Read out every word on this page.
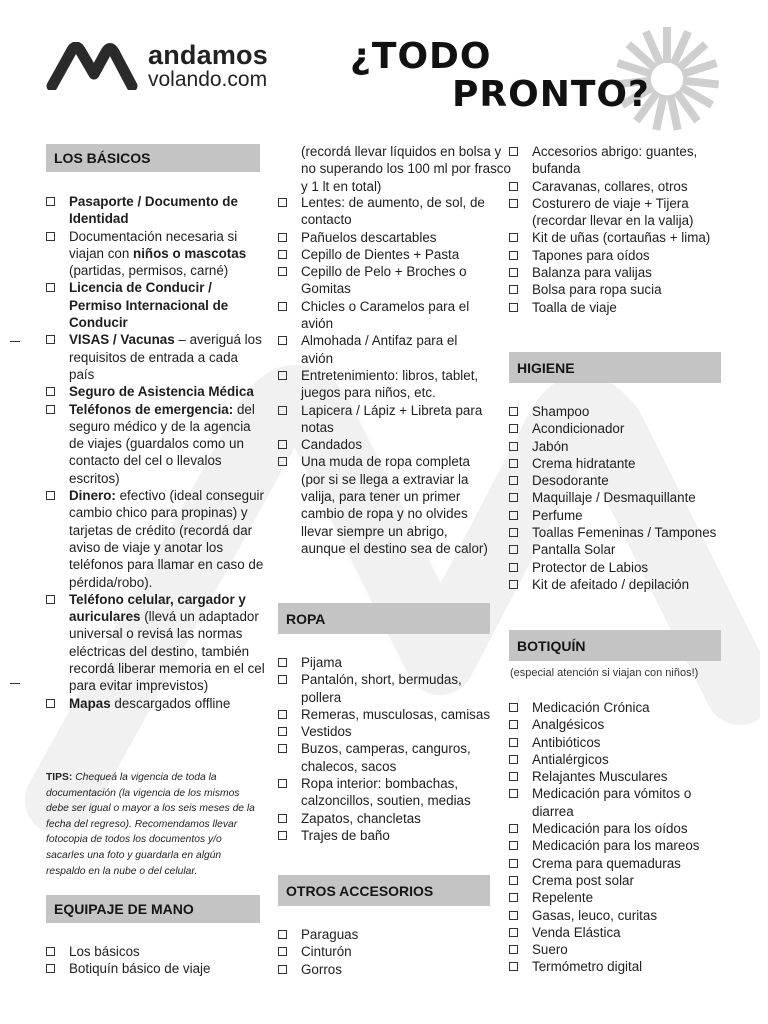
andamos
volando.com
¿TODO
PRONTO?
LOS BÁSICOS
Pasaporte / Documento de Identidad
Documentación necesaria si viajan con niños o mascotas (partidas, permisos, carné)
Licencia de Conducir / Permiso Internacional de Conducir
VISAS / Vacunas – averiguá los requisitos de entrada a cada país
Seguro de Asistencia Médica
Teléfonos de emergencia: del seguro médico y de la agencia de viajes (guardalos como un contacto del cel o llevalos escritos)
Dinero: efectivo (ideal conseguir cambio chico para propinas) y tarjetas de crédito (recordá dar aviso de viaje y anotar los teléfonos para llamar en caso de pérdida/robo).
Teléfono celular, cargador y auriculares (llevá un adaptador universal o revisá las normas eléctricas del destino, también recordá liberar memoria en el cel para evitar imprevistos)
Mapas descargados offline
TIPS: Chequeá la vigencia de toda la documentación (la vigencia de los mismos debe ser igual o mayor a los seis meses de la fecha del regreso). Recomendamos llevar fotocopia de todos los documentos y/o sacarles una foto y guardarla en algún respaldo en la nube o del celular.
EQUIPAJE DE MANO
Los básicos
Botiquín básico de viaje
(recordá llevar líquidos en bolsa y no superando los 100 ml por frasco y 1 lt en total)
Lentes: de aumento, de sol, de contacto
Pañuelos descartables
Cepillo de Dientes + Pasta
Cepillo de Pelo + Broches o Gomitas
Chicles o Caramelos para el avión
Almohada / Antifaz para el avión
Entretenimiento: libros, tablet, juegos para niños, etc.
Lapicera / Lápiz + Libreta para notas
Candados
Una muda de ropa completa (por si se llega a extraviar la valija, para tener un primer cambio de ropa y no olvides llevar siempre un abrigo, aunque el destino sea de calor)
ROPA
Pijama
Pantalón, short, bermudas, pollera
Remeras, musculosas, camisas
Vestidos
Buzos, camperas, canguros, chalecos, sacos
Ropa interior: bombachas, calzoncillos, soutien, medias
Zapatos, chancletas
Trajes de baño
OTROS ACCESORIOS
Paraguas
Cinturón
Gorros
Accesorios abrigo: guantes, bufanda
Caravanas, collares, otros
Costurero de viaje + Tijera (recordar llevar en la valija)
Kit de uñas (cortauñas + lima)
Tapones para oídos
Balanza para valijas
Bolsa para ropa sucia
Toalla de viaje
HIGIENE
Shampoo
Acondicionador
Jabón
Crema hidratante
Desodorante
Maquillaje / Desmaquillante
Perfume
Toallas Femeninas / Tampones
Pantalla Solar
Protector de Labios
Kit de afeitado / depilación
BOTIQUÍN
(especial atención si viajan con niños!)
Medicación Crónica
Analgésicos
Antibióticos
Antialérgicos
Relajantes Musculares
Medicación para vómitos o diarrea
Medicación para los oídos
Medicación para los mareos
Crema para quemaduras
Crema post solar
Repelente
Gasas, leuco, curitas
Venda Elástica
Suero
Termómetro digital
